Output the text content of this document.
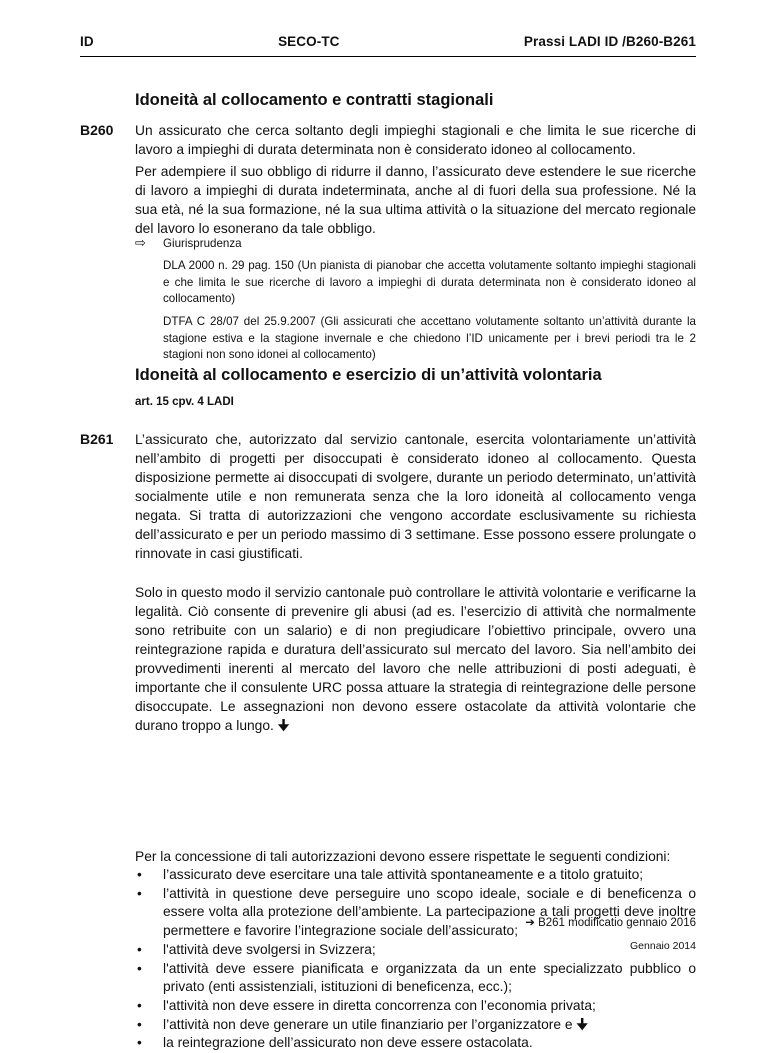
ID	SECO-TC	Prassi LADI ID /B260-B261
Idoneità al collocamento e contratti stagionali
B260 Un assicurato che cerca soltanto degli impieghi stagionali e che limita le sue ricerche di lavoro a impieghi di durata determinata non è considerato idoneo al collocamento.
Per adempiere il suo obbligo di ridurre il danno, l’assicurato deve estendere le sue ricerche di lavoro a impieghi di durata indeterminata, anche al di fuori della sua professione. Né la sua età, né la sua formazione, né la sua ultima attività o la situazione del mercato regionale del lavoro lo esonerano da tale obbligo.
⇨ Giurisprudenza
DLA 2000 n. 29 pag. 150 (Un pianista di pianobar che accetta volutamente soltanto impieghi stagionali e che limita le sue ricerche di lavoro a impieghi di durata determinata non è considerato idoneo al collocamento)
DTFA C 28/07 del 25.9.2007 (Gli assicurati che accettano volutamente soltanto un’attività durante la stagione estiva e la stagione invernale e che chiedono l’ID unicamente per i brevi periodi tra le 2 stagioni non sono idonei al collocamento)
Idoneità al collocamento e esercizio di un’attività volontaria
art. 15 cpv. 4 LADI
B261 L’assicurato che, autorizzato dal servizio cantonale, esercita volontariamente un’attività nell’ambito di progetti per disoccupati è considerato idoneo al collocamento. Questa disposizione permette ai disoccupati di svolgere, durante un periodo determinato, un’attività socialmente utile e non remunerata senza che la loro idoneità al collocamento venga negata. Si tratta di autorizzazioni che vengono accordate esclusivamente su richiesta dell’assicurato e per un periodo massimo di 3 settimane. Esse possono essere prolungate o rinnovate in casi giustificati.
Solo in questo modo il servizio cantonale può controllare le attività volontarie e verificarne la legalità. Ciò consente di prevenire gli abusi (ad es. l’esercizio di attività che normalmente sono retribuite con un salario) e di non pregiudicare l’obiettivo principale, ovvero una reintegrazione rapida e duratura dell’assicurato sul mercato del lavoro. Sia nell’ambito dei provvedimenti inerenti al mercato del lavoro che nelle attribuzioni di posti adeguati, è importante che il consulente URC possa attuare la strategia di reintegrazione delle persone disoccupate. Le assegnazioni non devono essere ostacolate da attività volontarie che durano troppo a lungo. 🠋
Per la concessione di tali autorizzazioni devono essere rispettate le seguenti condizioni:
• l’assicurato deve esercitare una tale attività spontaneamente e a titolo gratuito;
• l’attività in questione deve perseguire uno scopo ideale, sociale e di beneficenza o essere volta alla protezione dell’ambiente. La partecipazione a tali progetti deve inoltre permettere e favorire l’integrazione sociale dell’assicurato;
• l'attività deve svolgersi in Svizzera;
• l'attività deve essere pianificata e organizzata da un ente specializzato pubblico o privato (enti assistenziali, istituzioni di beneficenza, ecc.);
• l'attività non deve essere in diretta concorrenza con l’economia privata;
• l’attività non deve generare un utile finanziario per l’organizzatore e 🠋
• la reintegrazione dell’assicurato non deve essere ostacolata.
➔ B261 modificatio gennaio 2016
Gennaio 2014
